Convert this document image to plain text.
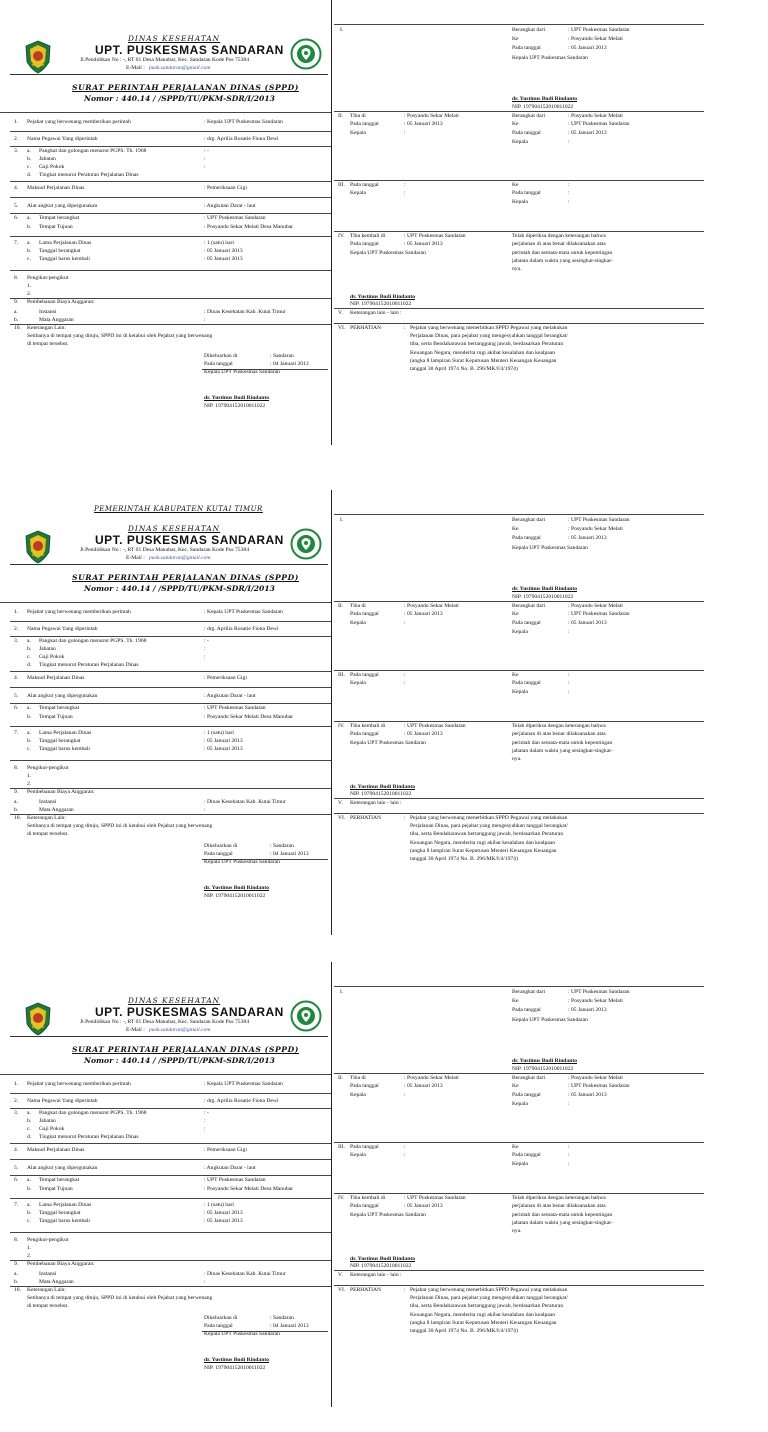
DINAS KESEHATAN
UPT. PUSKESMAS SANDARAN
Jl.Pendidikan No : -, RT 01 Desa Manubar, Kec. Sandaran Kode Pos 75384
E-Mail : pusk.sandaran@gmail.com
SURAT PERINTAH PERJALANAN DINAS (SPPD)
Nomor : 440.14 / /SPPD/TU/PKM-SDR/I/2013
1. Pejabat yang berwenang memberikan perintah	: Kepala UPT Puskesmas Sandaran
2. Nama Pegawai Yang diperintah	: drg. Aprilia Rosatie Fiona Dewi
3. a. Pangkat dan golongan menurut PGPS. Th. 1968	: -
b. Jabatan	:
c. Gaji Pokok	:
d. Tingkat menurut Peraturan Perjalanan Dinas
4. Maksud Perjalanan Dinas	: Pemeriksaan Gigi
5. Alat angkut yang dipergunakan	: Angkutan Darat - laut
6. a. Tempat berangkat	: UPT Puskesmas Sandaran
b. Tempat Tujuan	: Posyandu Sekar Melati Desa Manubar
7. a. Lama Perjalanan Dinas	: 1 (satu) hari
b. Tanggal berangkat	: 05 Januari 2013
c. Tanggal harus kembali	: 05 Januari 2013
8. Pengikut-pengikut
1.
2.
9. Pembebanan Biaya Anggaran:
a.	Instansi	: Dinas Kesehatan Kab. Kutai Timur
b.	Mata Anggaran	:
10. Keterangan Lain:
Setibanya di tempat yang dituju, SPPD ini di ketahui oleh Pejabat yang berwenang
di tempat tersebut.
Dikeluarkan di	: Sandaran
Pada tanggal	: 04 Januari 2013
Kepala UPT Puskesmas Sandaran
dr. Yustinus Budi Rindanto
NIP. 197904152010011022
I.	Berangkat dari	: UPT Puskesmas Sandaran
Ke	: Posyandu Sekar Melati
Pada tanggal	: 05 Januari 2013
Kepala UPT Puskesmas Sandaran
dr. Yustinus Budi Rindanto
NIP. 197904152010011022
II. Tiba di	: Posyandu Sekar Melati
Pada tanggal	: 05 Januari 2013
Kepala	:
Berangkat dari	: Posyandu Sekar Melati
Ke	: UPT Puskesmas Sandaran
Pada tanggal	: 05 Januari 2013
Kepala	:
III. Pada tanggal	:
Kepala	:
Ke	:
Pada tanggal	:
Kepala	:
IV. Tiba kembali di	: UPT Puskesmas Sandaran
Pada tanggal	: 05 Januari 2013
Kepala UPT Puskesmas Sandaran
Telah diperiksa dengan keterangan bahwa
perjalanan di atas benar dilaksanakan atas
perintah dan semata-mata untuk kepentingan
jabatan dalam waktu yang sesingkat-singkat-
nya.
dr. Yustinus Budi Rindanto
NIP. 197904152010011022
V. Keterangan lain - lain :
VI. PERHATIAN	: Pejabat yang berwenang menerbitkan SPPD Pegawai yang melakukan
Perjalanan Dinas, para pejabat yang mengesyahkan tanggal berangkat/
tiba, serta Bendaharawan bertanggung jawab, berdasarkan Peraturan
Keuangan Negara, menderita rugi akibat kesalahan dan kealpaan
(angka 8 lampiran Surat Keputusan Menteri Keuangan Keuangan
tanggal 30 April 1974 No. B. 296/MK/I/4/1974)
PEMERINTAH KABUPATEN KUTAI TIMUR
DINAS KESEHATAN
UPT. PUSKESMAS SANDARAN
Jl.Pendidikan No : -, RT 01 Desa Manubar, Kec. Sandaran Kode Pos 75384
E-Mail : pusk.sandaran@gmail.com
SURAT PERINTAH PERJALANAN DINAS (SPPD)
Nomor : 440.14 / /SPPD/TU/PKM-SDR/I/2013
1. Pejabat yang berwenang memberikan perintah	: Kepala UPT Puskesmas Sandaran
2. Nama Pegawai Yang diperintah	: drg. Aprilia Rosatie Fiona Dewi
3. a. Pangkat dan golongan menurut PGPS. Th. 1968	: -
b. Jabatan	:
c. Gaji Pokok	:
d. Tingkat menurut Peraturan Perjalanan Dinas
4. Maksud Perjalanan Dinas	: Pemeriksaan Gigi
5. Alat angkut yang dipergunakan	: Angkutan Darat - laut
6. a. Tempat berangkat	: UPT Puskesmas Sandaran
b. Tempat Tujuan	: Posyandu Sekar Melati Desa Manubar
7. a. Lama Perjalanan Dinas	: 1 (satu) hari
b. Tanggal berangkat	: 05 Januari 2013
c. Tanggal harus kembali	: 05 Januari 2013
8. Pengikut-pengikut
1.
2.
9. Pembebanan Biaya Anggaran:
a.	Instansi	: Dinas Kesehatan Kab. Kutai Timur
b.	Mata Anggaran	:
10. Keterangan Lain:
Setibanya di tempat yang dituju, SPPD ini di ketahui oleh Pejabat yang berwenang
di tempat tersebut.
Dikeluarkan di	: Sandaran
Pada tanggal	: 04 Januari 2013
Kepala UPT Puskesmas Sandaran
dr. Yustinus Budi Rindanto
NIP. 197904152010011022
I.	Berangkat dari	: UPT Puskesmas Sandaran
Ke	: Posyandu Sekar Melati
Pada tanggal	: 05 Januari 2013
Kepala UPT Puskesmas Sandaran
dr. Yustinus Budi Rindanto
NIP. 197904152010011022
II. Tiba di	: Posyandu Sekar Melati
Pada tanggal	: 05 Januari 2013
Kepala	:
Berangkat dari	: Posyandu Sekar Melati
Ke	: UPT Puskesmas Sandaran
Pada tanggal	: 05 Januari 2013
Kepala	:
III. Pada tanggal	:
Kepala	:
Ke	:
Pada tanggal	:
Kepala	:
IV. Tiba kembali di	: UPT Puskesmas Sandaran
Pada tanggal	: 05 Januari 2013
Kepala UPT Puskesmas Sandaran
Telah diperiksa dengan keterangan bahwa
perjalanan di atas benar dilaksanakan atas
perintah dan semata-mata untuk kepentingan
jabatan dalam waktu yang sesingkat-singkat-
nya.
dr. Yustinus Budi Rindanto
NIP. 197904152010011022
V. Keterangan lain - lain :
VI. PERHATIAN	: Pejabat yang berwenang menerbitkan SPPD Pegawai yang melakukan
Perjalanan Dinas, para pejabat yang mengesyahkan tanggal berangkat/
tiba, serta Bendaharawan bertanggung jawab, berdasarkan Peraturan
Keuangan Negara, menderita rugi akibat kesalahan dan kealpaan
(angka 8 lampiran Surat Keputusan Menteri Keuangan Keuangan
tanggal 30 April 1974 No. B. 296/MK/I/4/1974)
DINAS KESEHATAN
UPT. PUSKESMAS SANDARAN
Jl.Pendidikan No : -, RT 01 Desa Manubar, Kec. Sandaran Kode Pos 75384
E-Mail : pusk.sandaran@gmail.com
SURAT PERINTAH PERJALANAN DINAS (SPPD)
Nomor : 440.14 / /SPPD/TU/PKM-SDR/I/2013
1. Pejabat yang berwenang memberikan perintah	: Kepala UPT Puskesmas Sandaran
2. Nama Pegawai Yang diperintah	: drg. Aprilia Rosatie Fiona Dewi
3. a. Pangkat dan golongan menurut PGPS. Th. 1968	: -
b. Jabatan	:
c. Gaji Pokok	:
d. Tingkat menurut Peraturan Perjalanan Dinas
4. Maksud Perjalanan Dinas	: Pemeriksaan Gigi
5. Alat angkut yang dipergunakan	: Angkutan Darat - laut
6. a. Tempat berangkat	: UPT Puskesmas Sandaran
b. Tempat Tujuan	: Posyandu Sekar Melati Desa Manubar
7. a. Lama Perjalanan Dinas	: 1 (satu) hari
b. Tanggal berangkat	: 05 Januari 2013
c. Tanggal harus kembali	: 05 Januari 2013
8. Pengikut-pengikut
1.
2.
9. Pembebanan Biaya Anggaran:
a.	Instansi	: Dinas Kesehatan Kab. Kutai Timur
b.	Mata Anggaran	:
10. Keterangan Lain:
Setibanya di tempat yang dituju, SPPD ini di ketahui oleh Pejabat yang berwenang
di tempat tersebut.
Dikeluarkan di	: Sandaran
Pada tanggal	: 04 Januari 2013
Kepala UPT Puskesmas Sandaran
dr. Yustinus Budi Rindanto
NIP. 197904152010011022
I.	Berangkat dari	: UPT Puskesmas Sandaran
Ke	: Posyandu Sekar Melati
Pada tanggal	: 05 Januari 2013
Kepala UPT Puskesmas Sandaran
dr. Yustinus Budi Rindanto
NIP. 197904152010011022
II. Tiba di	: Posyandu Sekar Melati
Pada tanggal	: 05 Januari 2013
Kepala	:
Berangkat dari	: Posyandu Sekar Melati
Ke	: UPT Puskesmas Sandaran
Pada tanggal	: 05 Januari 2013
Kepala	:
III. Pada tanggal	:
Kepala	:
Ke	:
Pada tanggal	:
Kepala	:
IV. Tiba kembali di	: UPT Puskesmas Sandaran
Pada tanggal	: 05 Januari 2013
Kepala UPT Puskesmas Sandaran
Telah diperiksa dengan keterangan bahwa
perjalanan di atas benar dilaksanakan atas
perintah dan semata-mata untuk kepentingan
jabatan dalam waktu yang sesingkat-singkat-
nya.
dr. Yustinus Budi Rindanto
NIP. 197904152010011022
V. Keterangan lain - lain :
VI. PERHATIAN	: Pejabat yang berwenang menerbitkan SPPD Pegawai yang melakukan
Perjalanan Dinas, para pejabat yang mengesyahkan tanggal berangkat/
tiba, serta Bendaharawan bertanggung jawab, berdasarkan Peraturan
Keuangan Negara, menderita rugi akibat kesalahan dan kealpaan
(angka 8 lampiran Surat Keputusan Menteri Keuangan Keuangan
tanggal 30 April 1974 No. B. 296/MK/I/4/1974)
